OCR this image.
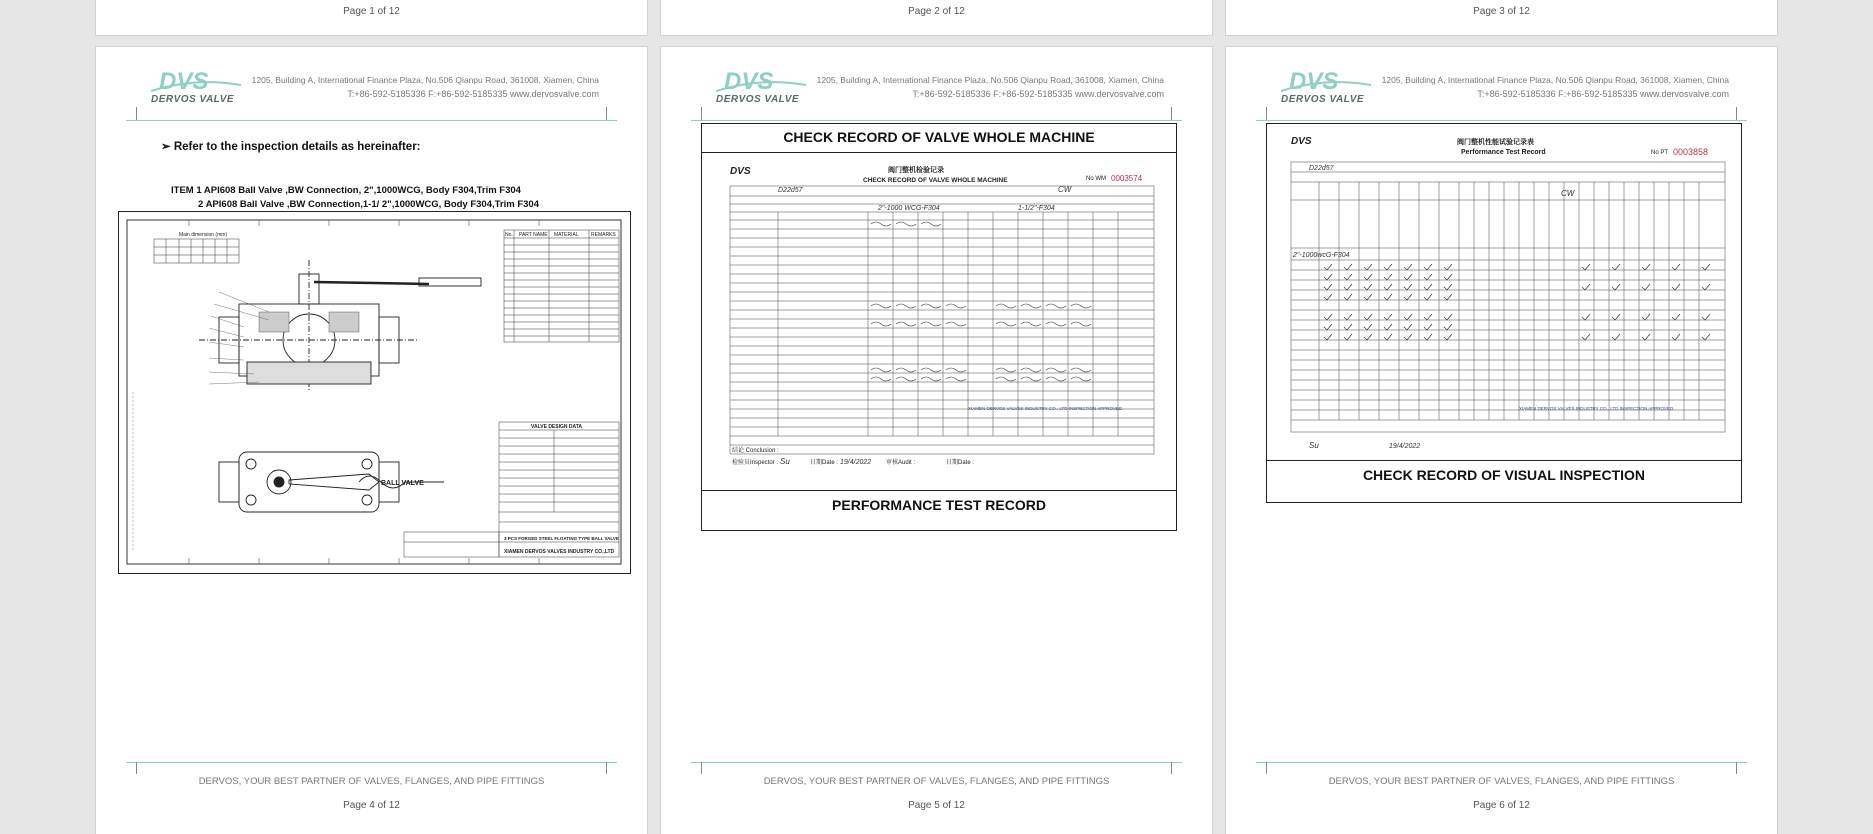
Page 1 of 12	Page 2 of 12	Page 3 of 12
DVS
DERVOS VALVE
1205, Building A, International Finance Plaza, No.506 Qianpu Road, 361008, Xiamen, China
T:+86-592-5185336 F:+86-592-5185335 www.dervosvalve.com
➢ Refer to the inspection details as hereinafter:
ITEM 1 API608 Ball Valve ,BW Connection, 2",1000WCG, Body F304,Trim F304
2 API608 Ball Valve ,BW Connection,1-1/ 2",1000WCG, Body F304,Trim F304
Main dimension (mm)	No. PART NAME MATERIAL REMARKS
BALL VALVE
VALVE DESIGN DATA
3 PCS FORGED STEEL FLOATING TYPE BALL VALVE
XIAMEN DERVOS VALVES INDUSTRY CO.,LTD
DERVOS, YOUR BEST PARTNER OF VALVES, FLANGES, AND PIPE FITTINGS
Page 4 of 12
DVS
DERVOS VALVE
1205, Building A, International Finance Plaza, No.506 Qianpu Road, 361008, Xiamen, China
T:+86-592-5185336 F:+86-592-5185335 www.dervosvalve.com
CHECK RECORD OF VALVE WHOLE MACHINE
PERFORMANCE TEST RECORD
DVS	阀门整机检验记录
CHECK RECORD OF VALVE WHOLE MACHINE	No WM 0003574
D22d57	CW
2"-1000 WCG-F304	1-1/2"-F304
XIAMEN DERVOS VALVES INDUSTRY CO., LTD INSPECTION APPROVED
结论 Conclusion :
检验员Inspector : Su	日期Date : 19/4/2022 审核Audit :	日期Date :
DERVOS, YOUR BEST PARTNER OF VALVES, FLANGES, AND PIPE FITTINGS
Page 5 of 12
DVS
DERVOS VALVE
1205, Building A, International Finance Plaza, No.506 Qianpu Road, 361008, Xiamen, China
T:+86-592-5185336 F:+86-592-5185335 www.dervosvalve.com
DVS	阀门整机性能试验记录表
Performance Test Record	No PT 0003858
D22d57
CW
2"-1000wcG-F304
XIAMEN DERVOS VALVES INDUSTRY CO., LTD INSPECTION APPROVED
Su	19/4/2022
CHECK RECORD OF VISUAL INSPECTION
DERVOS, YOUR BEST PARTNER OF VALVES, FLANGES, AND PIPE FITTINGS
Page 6 of 12
